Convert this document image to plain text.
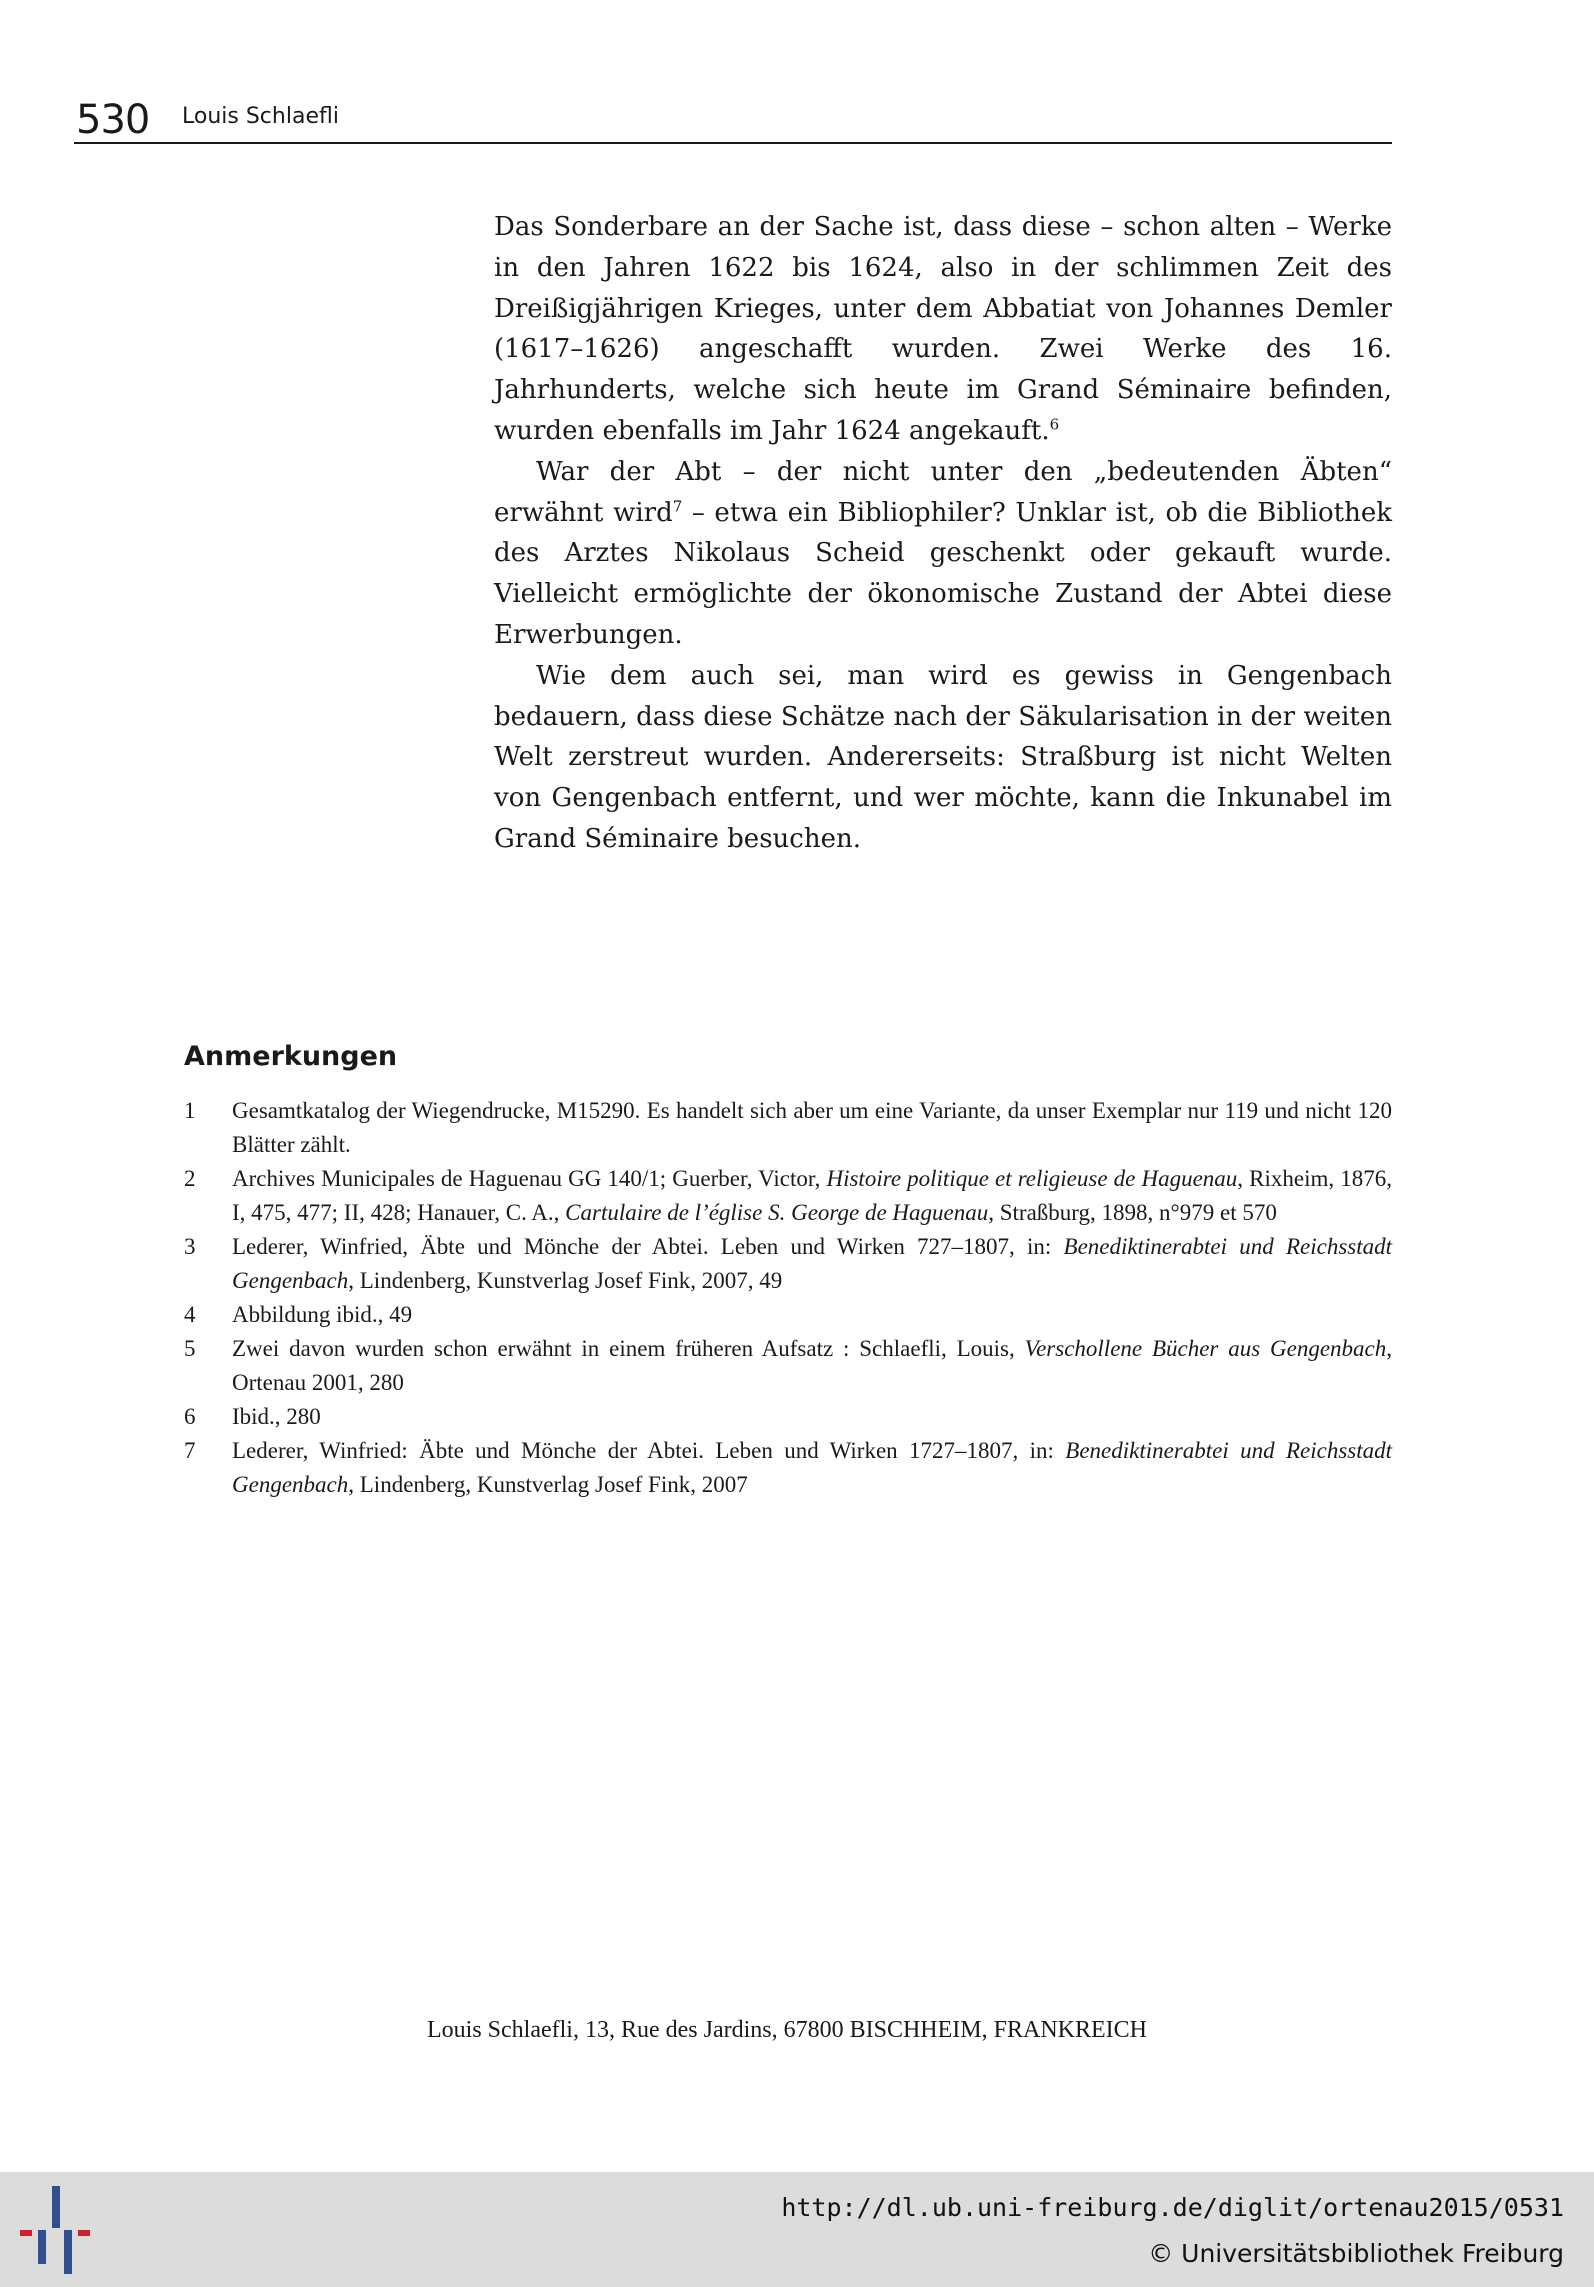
530 Louis Schlaefli

Das Sonderbare an der Sache ist, dass diese – schon alten – Werke in den Jahren 1622 bis 1624, also in der schlimmen Zeit des Dreißigjährigen Krieges, unter dem Abbatiat von Johannes Demler (1617–1626) angeschafft wurden. Zwei Werke des 16. Jahrhunderts, welche sich heute im Grand Séminaire befinden, wurden ebenfalls im Jahr 1624 angekauft.$^6$

War der Abt – der nicht unter den „bedeutenden Äbten“ erwähnt wird$^7$ – etwa ein Bibliophiler? Unklar ist, ob die Bibliothek des Arztes Nikolaus Scheid geschenkt oder gekauft wurde. Vielleicht ermöglichte der ökonomische Zustand der Abtei diese Erwerbungen.

Wie dem auch sei, man wird es gewiss in Gengenbach bedauern, dass diese Schätze nach der Säkularisation in der weiten Welt zerstreut wurden. Andererseits: Straßburg ist nicht Welten von Gengenbach entfernt, und wer möchte, kann die Inkunabel im Grand Séminaire besuchen.

Anmerkungen
1 Gesamtkatalog der Wiegendrucke, M15290. Es handelt sich aber um eine Variante, da unser Exemplar nur 119 und nicht 120 Blätter zählt.
2 Archives Municipales de Haguenau GG 140/1; Guerber, Victor, Histoire politique et religieuse de Haguenau, Rixheim, 1876, I, 475, 477; II, 428; Hanauer, C. A., Cartulaire de l’église S. George de Haguenau, Straßburg, 1898, n°979 et 570
3 Lederer, Winfried, Äbte und Mönche der Abtei. Leben und Wirken 727–1807, in: Benediktinerabtei und Reichsstadt Gengenbach, Lindenberg, Kunstverlag Josef Fink, 2007, 49
4 Abbildung ibid., 49
5 Zwei davon wurden schon erwähnt in einem früheren Aufsatz : Schlaefli, Louis, Verschollene Bücher aus Gengenbach, Ortenau 2001, 280
6 Ibid., 280
7 Lederer, Winfried: Äbte und Mönche der Abtei. Leben und Wirken 1727–1807, in: Benediktinerabtei und Reichsstadt Gengenbach, Lindenberg, Kunstverlag Josef Fink, 2007
Louis Schlaefli, 13, Rue des Jardins, 67800 BISCHHEIM, FRANKREICH
http://dl.ub.uni-freiburg.de/diglit/ortenau2015/0531
© Universitätsbibliothek Freiburg
